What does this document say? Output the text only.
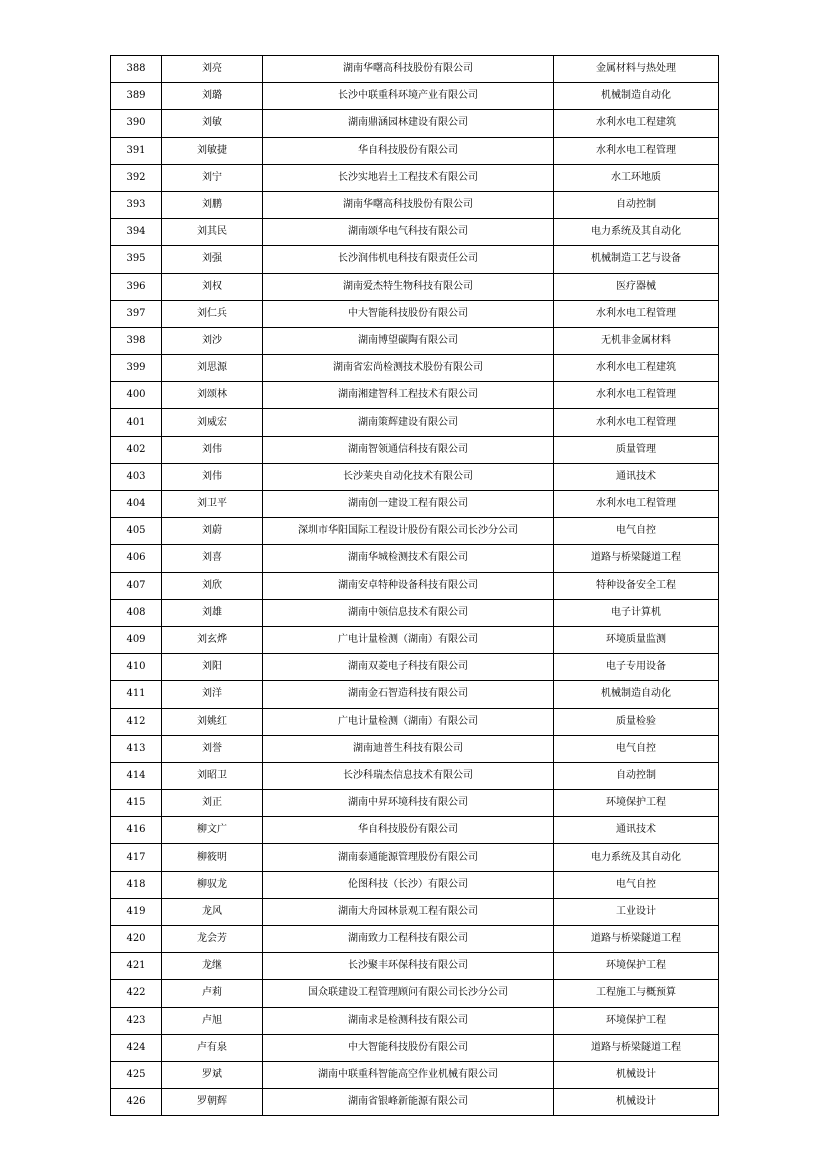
388	刘亮	湖南华曙高科技股份有限公司	金属材料与热处理
389	刘璐	长沙中联重科环境产业有限公司	机械制造自动化
390	刘敏	湖南鼎涵园林建设有限公司	水利水电工程建筑
391	刘敏捷	华自科技股份有限公司	水利水电工程管理
392	刘宁	长沙实地岩土工程技术有限公司	水工环地质
393	刘鹏	湖南华曙高科技股份有限公司	自动控制
394	刘其民	湖南颂华电气科技有限公司	电力系统及其自动化
395	刘强	长沙润伟机电科技有限责任公司	机械制造工艺与设备
396	刘权	湖南爱杰特生物科技有限公司	医疗器械
397	刘仁兵	中大智能科技股份有限公司	水利水电工程管理
398	刘沙	湖南博望碳陶有限公司	无机非金属材料
399	刘思源	湖南省宏尚检测技术股份有限公司	水利水电工程建筑
400	刘颂林	湖南湘建智科工程技术有限公司	水利水电工程管理
401	刘威宏	湖南策辉建设有限公司	水利水电工程管理
402	刘伟	湖南智领通信科技有限公司	质量管理
403	刘伟	长沙莱央自动化技术有限公司	通讯技术
404	刘卫平	湖南创一建设工程有限公司	水利水电工程管理
405	刘蔚	深圳市华阳国际工程设计股份有限公司长沙分公司	电气自控
406	刘喜	湖南华城检测技术有限公司	道路与桥梁隧道工程
407	刘欣	湖南安卓特种设备科技有限公司	特种设备安全工程
408	刘雄	湖南中领信息技术有限公司	电子计算机
409	刘玄烨	广电计量检测（湖南）有限公司	环境质量监测
410	刘阳	湖南双菱电子科技有限公司	电子专用设备
411	刘洋	湖南金石智造科技有限公司	机械制造自动化
412	刘姚红	广电计量检测（湖南）有限公司	质量检验
413	刘誉	湖南迪普生科技有限公司	电气自控
414	刘昭卫	长沙科瑞杰信息技术有限公司	自动控制
415	刘正	湖南中昇环境科技有限公司	环境保护工程
416	柳文广	华自科技股份有限公司	通讯技术
417	柳筱明	湖南泰通能源管理股份有限公司	电力系统及其自动化
418	柳驭龙	伦图科技（长沙）有限公司	电气自控
419	龙风	湖南大舟园林景观工程有限公司	工业设计
420	龙会芳	湖南致力工程科技有限公司	道路与桥梁隧道工程
421	龙继	长沙聚丰环保科技有限公司	环境保护工程
422	卢莉	国众联建设工程管理顾问有限公司长沙分公司	工程施工与概预算
423	卢旭	湖南求是检测科技有限公司	环境保护工程
424	卢有泉	中大智能科技股份有限公司	道路与桥梁隧道工程
425	罗斌	湖南中联重科智能高空作业机械有限公司	机械设计
426	罗朝辉	湖南省银峰新能源有限公司	机械设计
